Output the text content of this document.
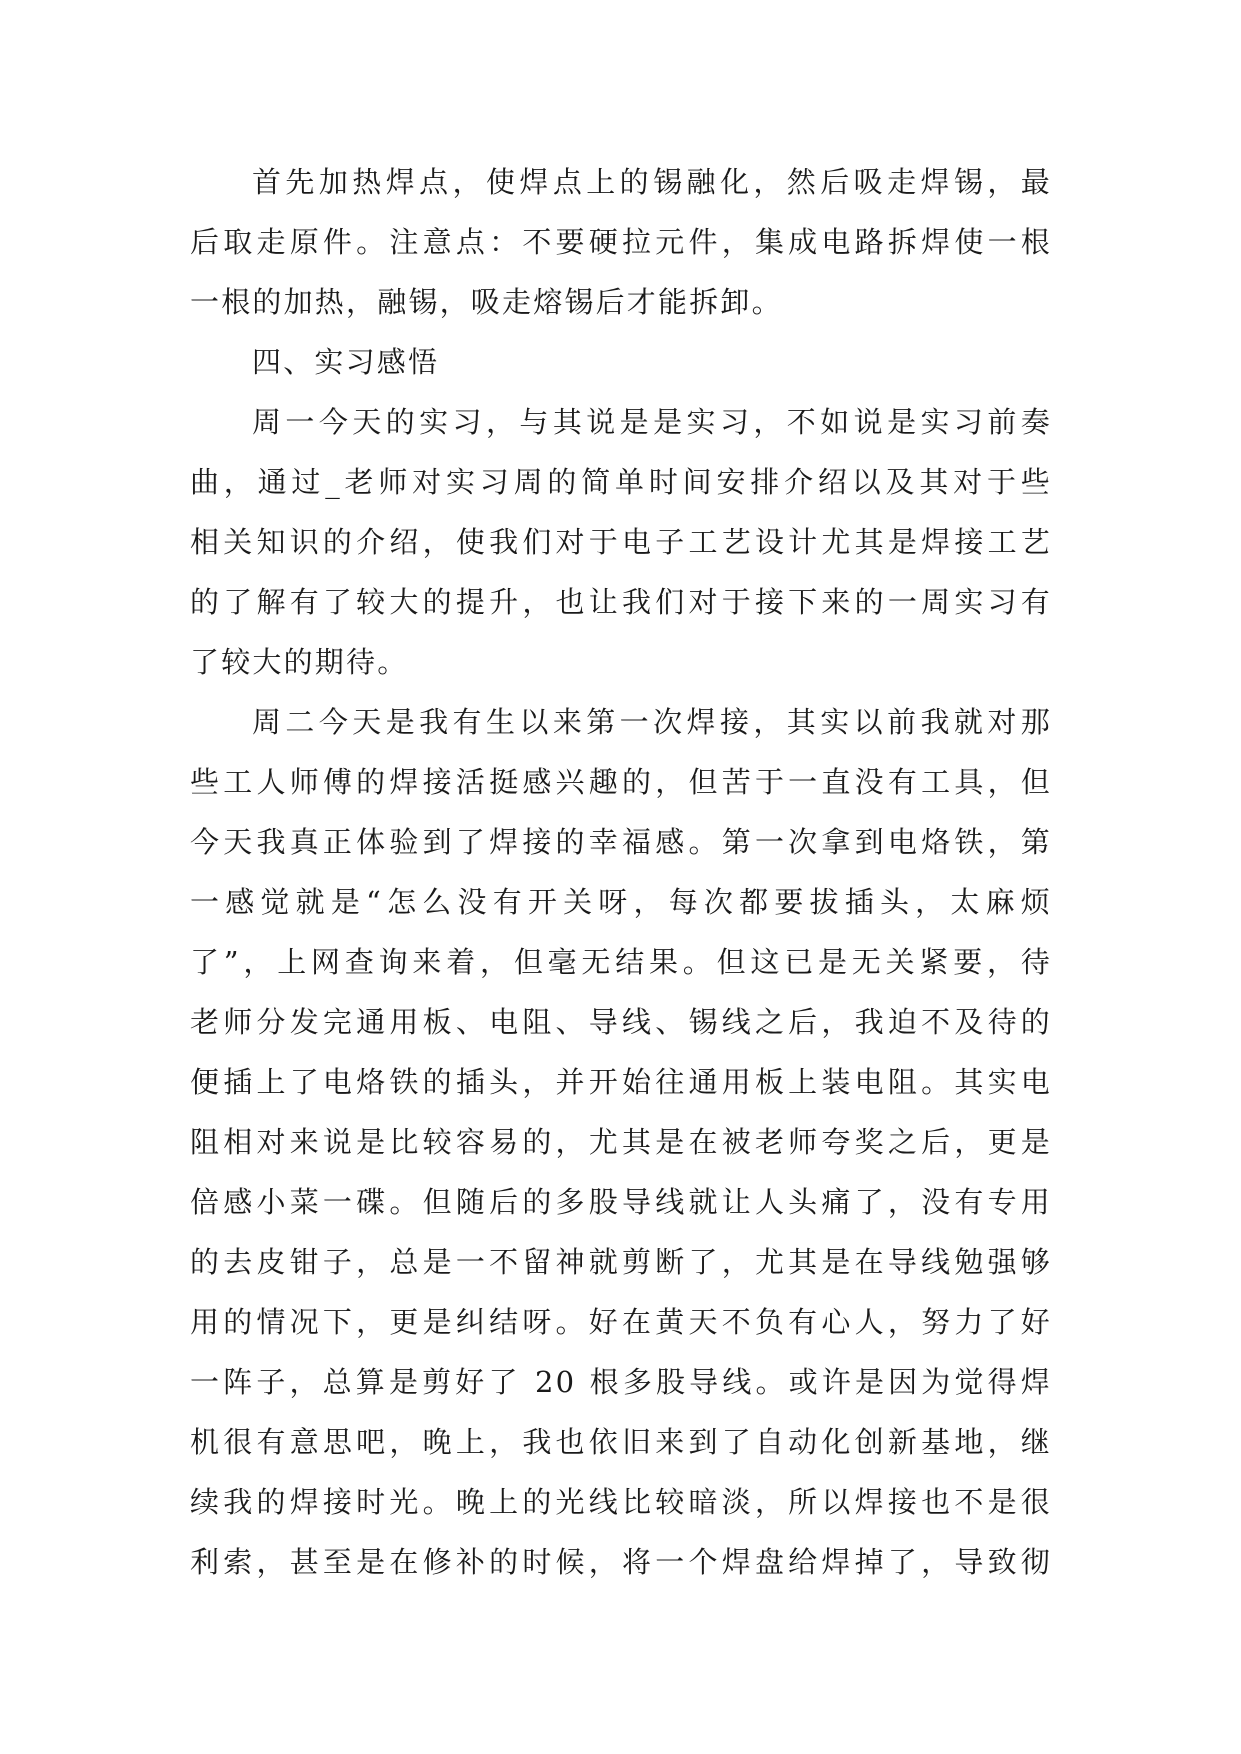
首先加热焊点，使焊点上的锡融化，然后吸走焊锡，最
后取走原件。注意点：不要硬拉元件，集成电路拆焊使一根
一根的加热，融锡，吸走熔锡后才能拆卸。

四、实习感悟

周一今天的实习，与其说是是实习，不如说是实习前奏
曲，通过_老师对实习周的简单时间安排介绍以及其对于些
相关知识的介绍，使我们对于电子工艺设计尤其是焊接工艺
的了解有了较大的提升，也让我们对于接下来的一周实习有
了较大的期待。

周二今天是我有生以来第一次焊接，其实以前我就对那
些工人师傅的焊接活挺感兴趣的，但苦于一直没有工具，但
今天我真正体验到了焊接的幸福感。第一次拿到电烙铁，第
一感觉就是“怎么没有开关呀，每次都要拔插头，太麻烦
了”，上网查询来着，但毫无结果。但这已是无关紧要，待
老师分发完通用板、电阻、导线、锡线之后，我迫不及待的
便插上了电烙铁的插头，并开始往通用板上装电阻。其实电
阻相对来说是比较容易的，尤其是在被老师夸奖之后，更是
倍感小菜一碟。但随后的多股导线就让人头痛了，没有专用
的去皮钳子，总是一不留神就剪断了，尤其是在导线勉强够
用的情况下，更是纠结呀。好在黄天不负有心人，努力了好
一阵子，总算是剪好了 20 根多股导线。或许是因为觉得焊
机很有意思吧，晚上，我也依旧来到了自动化创新基地，继
续我的焊接时光。晚上的光线比较暗淡，所以焊接也不是很
利索，甚至是在修补的时候，将一个焊盘给焊掉了，导致彻
